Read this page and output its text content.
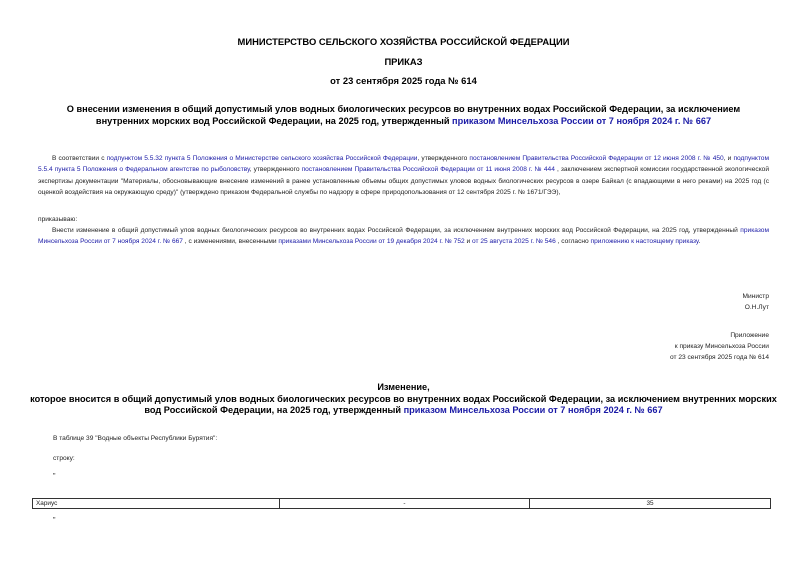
МИНИСТЕРСТВО СЕЛЬСКОГО ХОЗЯЙСТВА РОССИЙСКОЙ ФЕДЕРАЦИИ
ПРИКАЗ
от 23 сентября 2025 года № 614
О внесении изменения в общий допустимый улов водных биологических ресурсов во внутренних водах Российской Федерации, за исключением внутренних морских вод Российской Федерации, на 2025 год, утвержденный приказом Минсельхоза России от 7 ноября 2024 г. № 667
В соответствии с подпунктом 5.5.32 пункта 5 Положения о Министерстве сельского хозяйства Российской Федерации, утвержденного постановлением Правительства Российской Федерации от 12 июня 2008 г. № 450, и подпунктом 5.5.4 пункта 5 Положения о Федеральном агентстве по рыболовству, утвержденного постановлением Правительства Российской Федерации от 11 июня 2008 г. № 444 , заключением экспертной комиссии государственной экологической экспертизы документации "Материалы, обосновывающие внесение изменений в ранее установленные объемы общих допустимых уловов водных биологических ресурсов в озере Байкал (с впадающими в него реками) на 2025 год (с оценкой воздействия на окружающую среду)" (утверждено приказом Федеральной службы по надзору в сфере природопользования от 12 сентября 2025 г. № 1671/ГЭЭ),
приказываю:
Внести изменение в общий допустимый улов водных биологических ресурсов во внутренних водах Российской Федерации, за исключением внутренних морских вод Российской Федерации, на 2025 год, утвержденный приказом Минсельхоза России от 7 ноября 2024 г. № 667 , с изменениями, внесенными приказами Минсельхоза России от 19 декабря 2024 г. № 752 и от 25 августа 2025 г. № 546 , согласно приложению к настоящему приказу.
Министр
О.Н.Лут
Приложение
к приказу Минсельхоза России
от 23 сентября 2025 года № 614
Изменение,
которое вносится в общий допустимый улов водных биологических ресурсов во внутренних водах Российской Федерации, за исключением внутренних морских вод Российской Федерации, на 2025 год, утвержденный приказом Минсельхоза России от 7 ноября 2024 г. № 667
В таблице 39 "Водные объекты Республики Бурятия":
строку:
"
Хариус	-	35
"
